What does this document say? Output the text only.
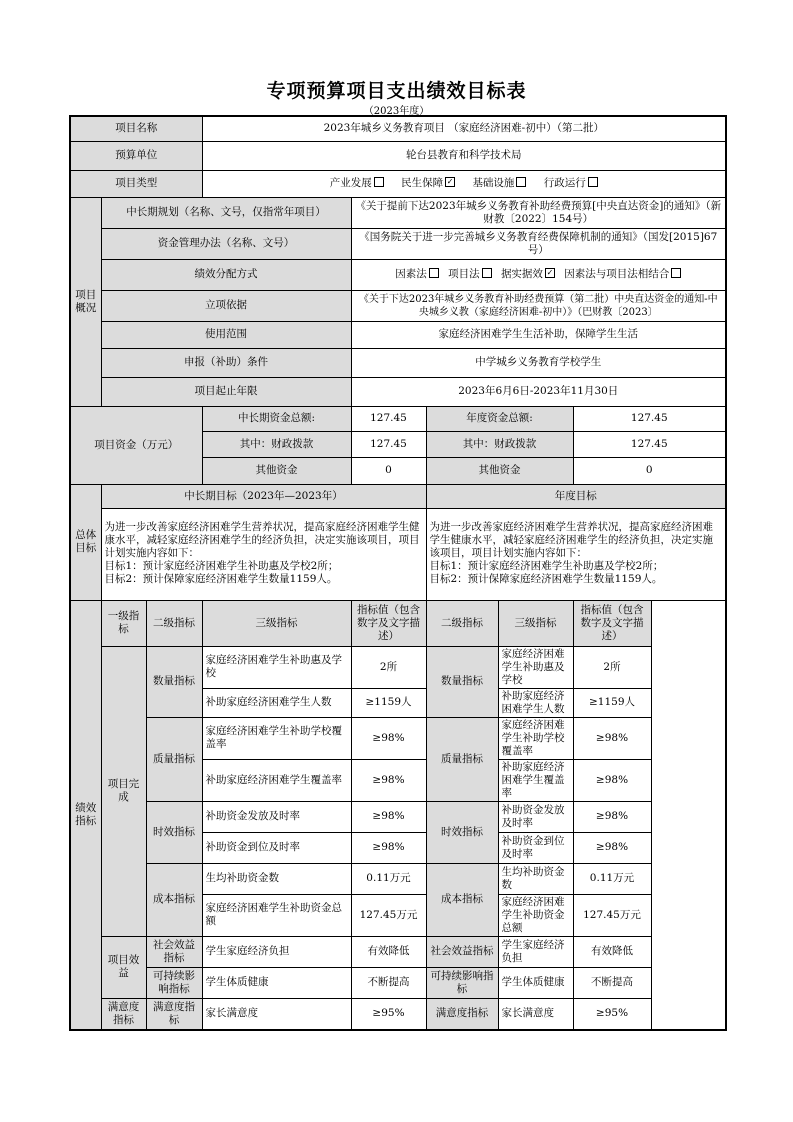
专项预算项目支出绩效目标表
（2023年度）
项目名称			2023年城乡义务教育项目 （家庭经济困难-初中）（第二批）				
预算单位			轮台县教育和科学技术局				
项目类型			产业发展 民生保障 ✓ 基础设施 行政运行				
项目概况	中长期规划（名称、文号，仅指常年项目）			《关于提前下达2023年城乡义务教育补助经费预算[中央直达资金]的通知》（新财教〔2022〕154号）			
	资金管理办法（名称、文号）			《国务院关于进一步完善城乡义务教育经费保障机制的通知》（国发[2015]67号）			
	绩效分配方式			因素法 项目法 据实据效 ✓ 因素法与项目法相结合			
	立项依据			《关于下达2023年城乡义务教育补助经费预算（第二批）中央直达资金的通知-中央城乡义教（家庭经济困难-初中）》（巴财教〔2023〕			
	使用范围			家庭经济困难学生生活补助，保障学生生活			
	申报（补助）条件			中学城乡义务教育学校学生			
	项目起止年限			2023年6月6日-2023年11月30日			
项目资金（万元）			中长期资金总额:	127.45	年度资金总额:		127.45
			其中：财政拨款	127.45	其中：财政拨款		127.45
			其他资金	0	其他资金		0
总体目标	中长期目标（2023年—2023年）				年度目标		
	为进一步改善家庭经济困难学生营养状况，提高家庭经济困难学生健康水平，减轻家庭经济困难学生的经济负担，决定实施该项目，项目计划实施内容如下：
目标1：预计家庭经济困难学生补助惠及学校2所；
目标2：预计保障家庭经济困难学生数量1159人。				为进一步改善家庭经济困难学生营养状况，提高家庭经济困难学生健康水平，减轻家庭经济困难学生的经济负担，决定实施该项目，项目计划实施内容如下：
目标1：预计家庭经济困难学生补助惠及学校2所；
目标2：预计保障家庭经济困难学生数量1159人。		
绩效指标	一级指标	二级指标	三级指标	指标值（包含数字及文字描述）	二级指标	三级指标	指标值（包含数字及文字描述）
	项目完成	数量指标	家庭经济困难学生补助惠及学校	2所	数量指标	家庭经济困难学生补助惠及学校	2所
			补助家庭经济困难学生人数	≥1159人		补助家庭经济困难学生人数	≥1159人
		质量指标	家庭经济困难学生补助学校覆盖率	≥98%	质量指标	家庭经济困难学生补助学校覆盖率	≥98%
			补助家庭经济困难学生覆盖率	≥98%		补助家庭经济困难学生覆盖率	≥98%
		时效指标	补助资金发放及时率	≥98%	时效指标	补助资金发放及时率	≥98%
			补助资金到位及时率	≥98%		补助资金到位及时率	≥98%
		成本指标	生均补助资金数	0.11万元	成本指标	生均补助资金数	0.11万元
			家庭经济困难学生补助资金总额	127.45万元		家庭经济困难学生补助资金总额	127.45万元
	项目效益	社会效益指标	学生家庭经济负担	有效降低	社会效益指标	学生家庭经济负担	有效降低
		可持续影响指标	学生体质健康	不断提高	可持续影响指标	学生体质健康	不断提高
	满意度指标	满意度指标	家长满意度	≥95%	满意度指标	家长满意度	≥95%
